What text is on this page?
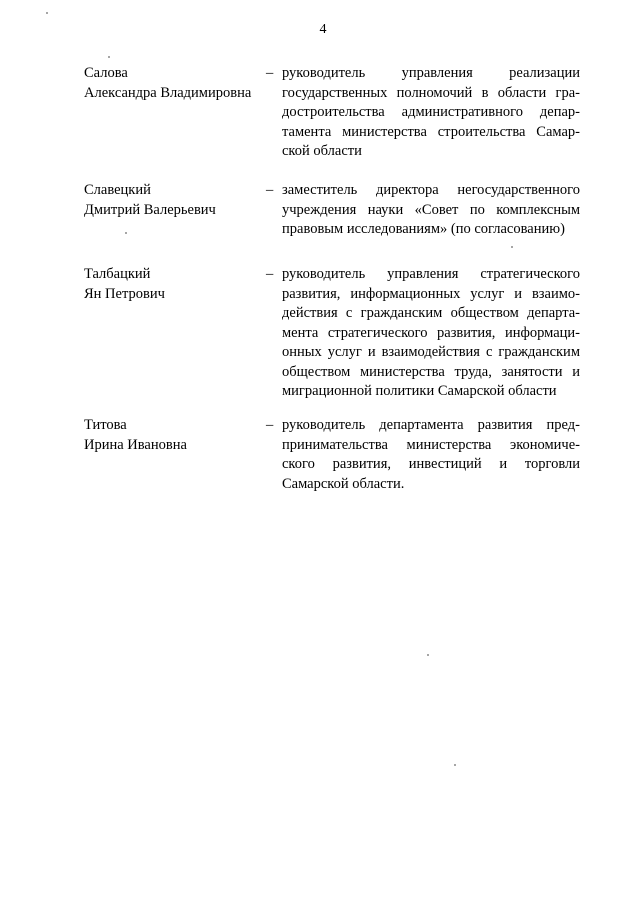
4
Салова
Александра Владимировна
– руководитель управления реализации
государственных полномочий в области гра-
достроительства административного депар-
тамента министерства строительства Самар-
ской области
Славецкий
Дмитрий Валерьевич
– заместитель директора негосударственного
учреждения науки «Совет по комплексным
правовым исследованиям» (по согласованию)
Талбацкий
Ян Петрович
– руководитель управления стратегического
развития, информационных услуг и взаимо-
действия с гражданским обществом департа-
мента стратегического развития, информаци-
онных услуг и взаимодействия с гражданским
обществом министерства труда, занятости и
миграционной политики Самарской области
Титова
Ирина Ивановна
– руководитель департамента развития пред-
принимательства министерства экономиче-
ского развития, инвестиций и торговли
Самарской области.
